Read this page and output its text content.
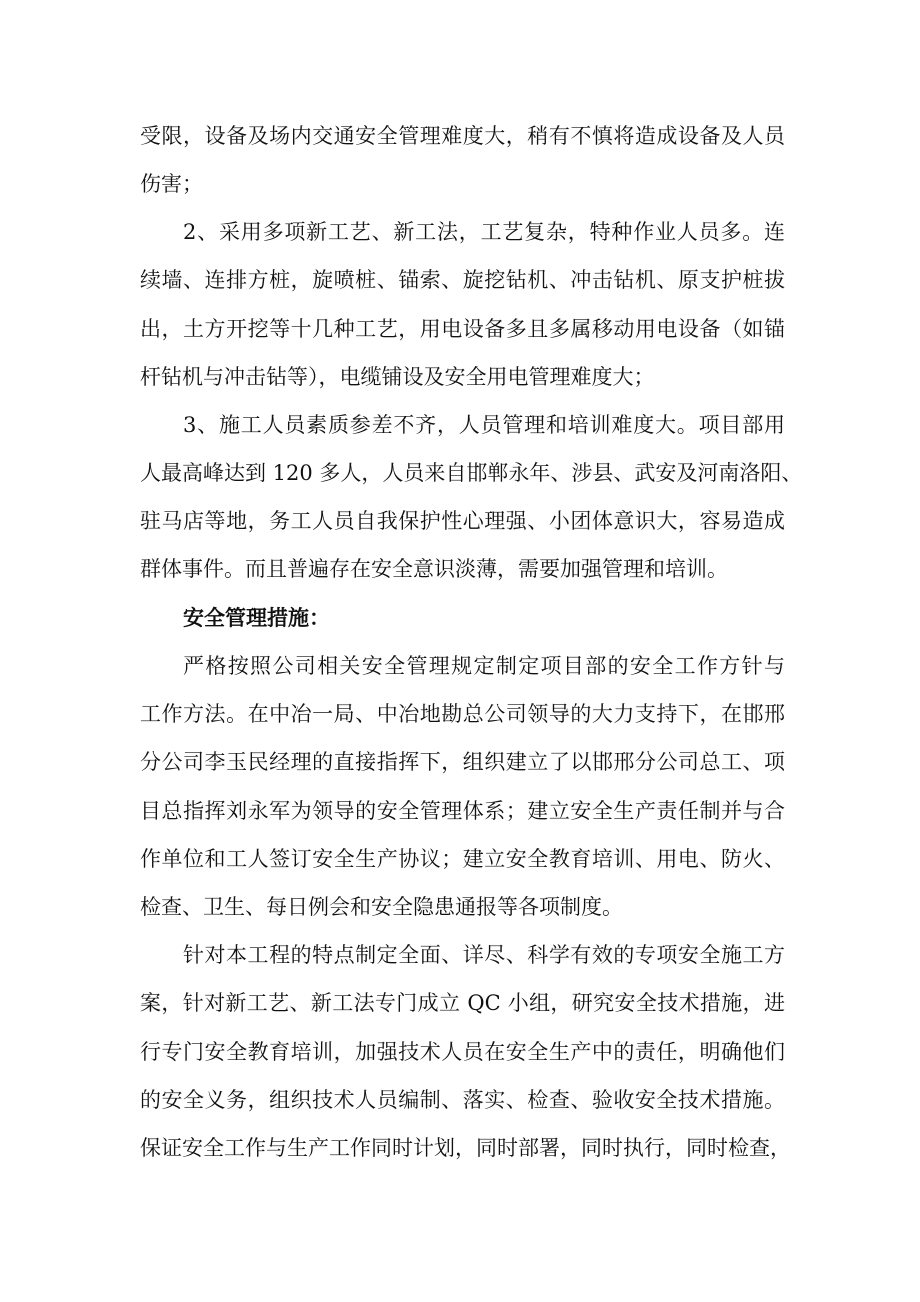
受限，设备及场内交通安全管理难度大，稍有不慎将造成设备及人员
伤害；
2、采用多项新工艺、新工法，工艺复杂，特种作业人员多。连
续墙、连排方桩，旋喷桩、锚索、旋挖钻机、冲击钻机、原支护桩拔
出，土方开挖等十几种工艺，用电设备多且多属移动用电设备（如锚
杆钻机与冲击钻等），电缆铺设及安全用电管理难度大；
3、施工人员素质参差不齐，人员管理和培训难度大。项目部用
人最高峰达到 120 多人，人员来自邯郸永年、涉县、武安及河南洛阳、
驻马店等地，务工人员自我保护性心理强、小团体意识大，容易造成
群体事件。而且普遍存在安全意识淡薄，需要加强管理和培训。
安全管理措施：
严格按照公司相关安全管理规定制定项目部的安全工作方针与
工作方法。在中冶一局、中冶地勘总公司领导的大力支持下，在邯邢
分公司李玉民经理的直接指挥下，组织建立了以邯邢分公司总工、项
目总指挥刘永军为领导的安全管理体系；建立安全生产责任制并与合
作单位和工人签订安全生产协议；建立安全教育培训、用电、防火、
检查、卫生、每日例会和安全隐患通报等各项制度。
针对本工程的特点制定全面、详尽、科学有效的专项安全施工方
案，针对新工艺、新工法专门成立 QC 小组，研究安全技术措施，进
行专门安全教育培训，加强技术人员在安全生产中的责任，明确他们
的安全义务，组织技术人员编制、落实、检查、验收安全技术措施。
保证安全工作与生产工作同时计划，同时部署，同时执行，同时检查，
